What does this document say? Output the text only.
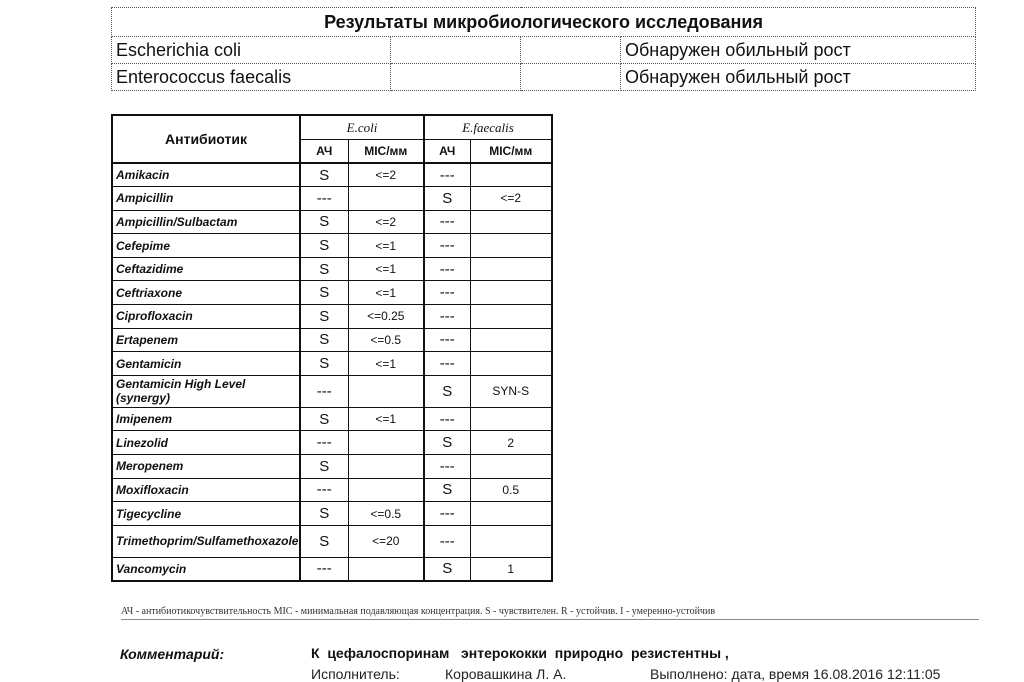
Результаты микробиологического исследования			
Escherichia coli			Обнаружен обильный рост
Enterococcus faecalis			Обнаружен обильный рост
Антибиотик	E.coli		E.faecalis	
	АЧ	MIC/мм	АЧ	MIC/мм
Amikacin	S	<=2	---	
Ampicillin	---		S	<=2
Ampicillin/Sulbactam	S	<=2	---	
Cefepime	S	<=1	---	
Ceftazidime	S	<=1	---	
Ceftriaxone	S	<=1	---	
Ciprofloxacin	S	<=0.25	---	
Ertapenem	S	<=0.5	---	
Gentamicin	S	<=1	---	
Gentamicin High Level (synergy)	---		S	SYN-S
Imipenem	S	<=1	---	
Linezolid	---		S	2
Meropenem	S		---	
Moxifloxacin	---		S	0.5
Tigecycline	S	<=0.5	---	
Trimethoprim/Sulfamethoxazole	S	<=20	---	
Vancomycin	---		S	1
АЧ - антибиотикочувствительность MIC - минимальная подавляющая концентрация. S - чувствителен. R - устойчив. I - умеренно-устойчив
Комментарий:	К  цефалоспоринам   энтерококки  природно  резистентны ,
Исполнитель:	Коровашкина Л. А.	Выполнено: дата, время 16.08.2016 12:11:05
